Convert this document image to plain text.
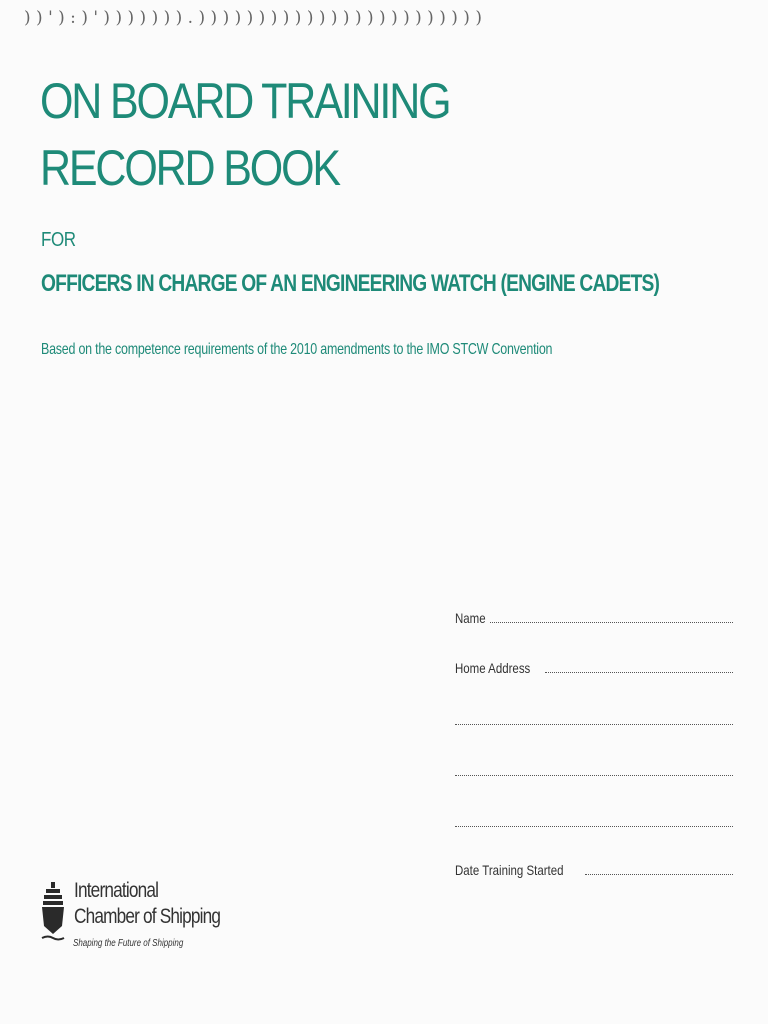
) ) ' ) : ) ' ) ) ) ) ) ) ) . ) ) ) ) ) ) ) ) ) ) ) ) ) ) ) ) ) ) ) ) ) ) ) )
ON BOARD TRAINING
RECORD BOOK
FOR
OFFICERS IN CHARGE OF AN ENGINEERING WATCH (ENGINE CADETS)
Based on the competence requirements of the 2010 amendments to the IMO STCW Convention
Name
Home Address
Date Training Started
International
Chamber of Shipping
Shaping the Future of Shipping
